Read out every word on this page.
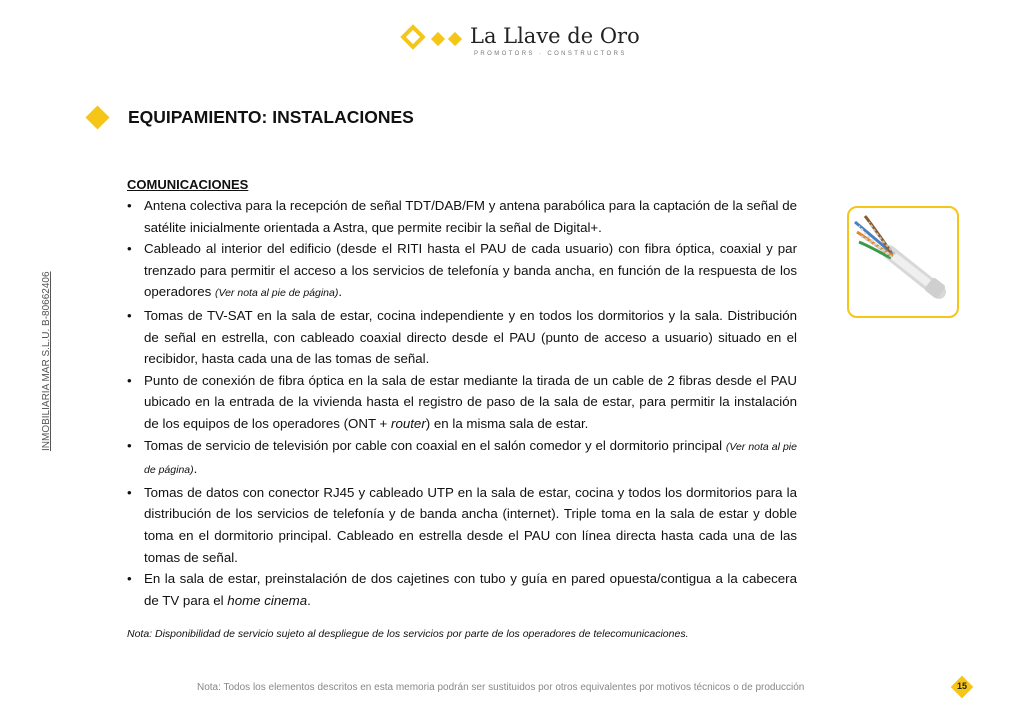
La Llave de Oro
PROMOTORS · CONSTRUCTORS
EQUIPAMIENTO: INSTALACIONES
INMOBILIARIA MAR S.L.U. B-80662406

COMUNICACIONES

• Antena colectiva para la recepción de señal TDT/DAB/FM y antena parabólica para la captación de la señal de satélite inicialmente orientada a Astra, que permite recibir la señal de Digital+.
• Cableado al interior del edificio (desde el RITI hasta el PAU de cada usuario) con fibra óptica, coaxial y par trenzado para permitir el acceso a los servicios de telefonía y banda ancha, en función de la respuesta de los operadores (Ver nota al pie de página).
• Tomas de TV-SAT en la sala de estar, cocina independiente y en todos los dormitorios y la sala. Distribución de señal en estrella, con cableado coaxial directo desde el PAU (punto de acceso a usuario) situado en el recibidor, hasta cada una de las tomas de señal.
• Punto de conexión de fibra óptica en la sala de estar mediante la tirada de un cable de 2 fibras desde el PAU ubicado en la entrada de la vivienda hasta el registro de paso de la sala de estar, para permitir la instalación de los equipos de los operadores (ONT + router) en la misma sala de estar.
• Tomas de servicio de televisión por cable con coaxial en el salón comedor y el dormitorio principal (Ver nota al pie de página).
• Tomas de datos con conector RJ45 y cableado UTP en la sala de estar, cocina y todos los dormitorios para la distribución de los servicios de telefonía y de banda ancha (internet). Triple toma en la sala de estar y doble toma en el dormitorio principal. Cableado en estrella desde el PAU con línea directa hasta cada una de las tomas de señal.
• En la sala de estar, preinstalación de dos cajetines con tubo y guía en pared opuesta/contigua a la cabecera de TV para el home cinema.
Nota: Disponibilidad de servicio sujeto al despliegue de los servicios por parte de los operadores de telecomunicaciones.
Nota: Todos los elementos descritos en esta memoria podrán ser sustituidos por otros equivalentes por motivos técnicos o de producción	15
